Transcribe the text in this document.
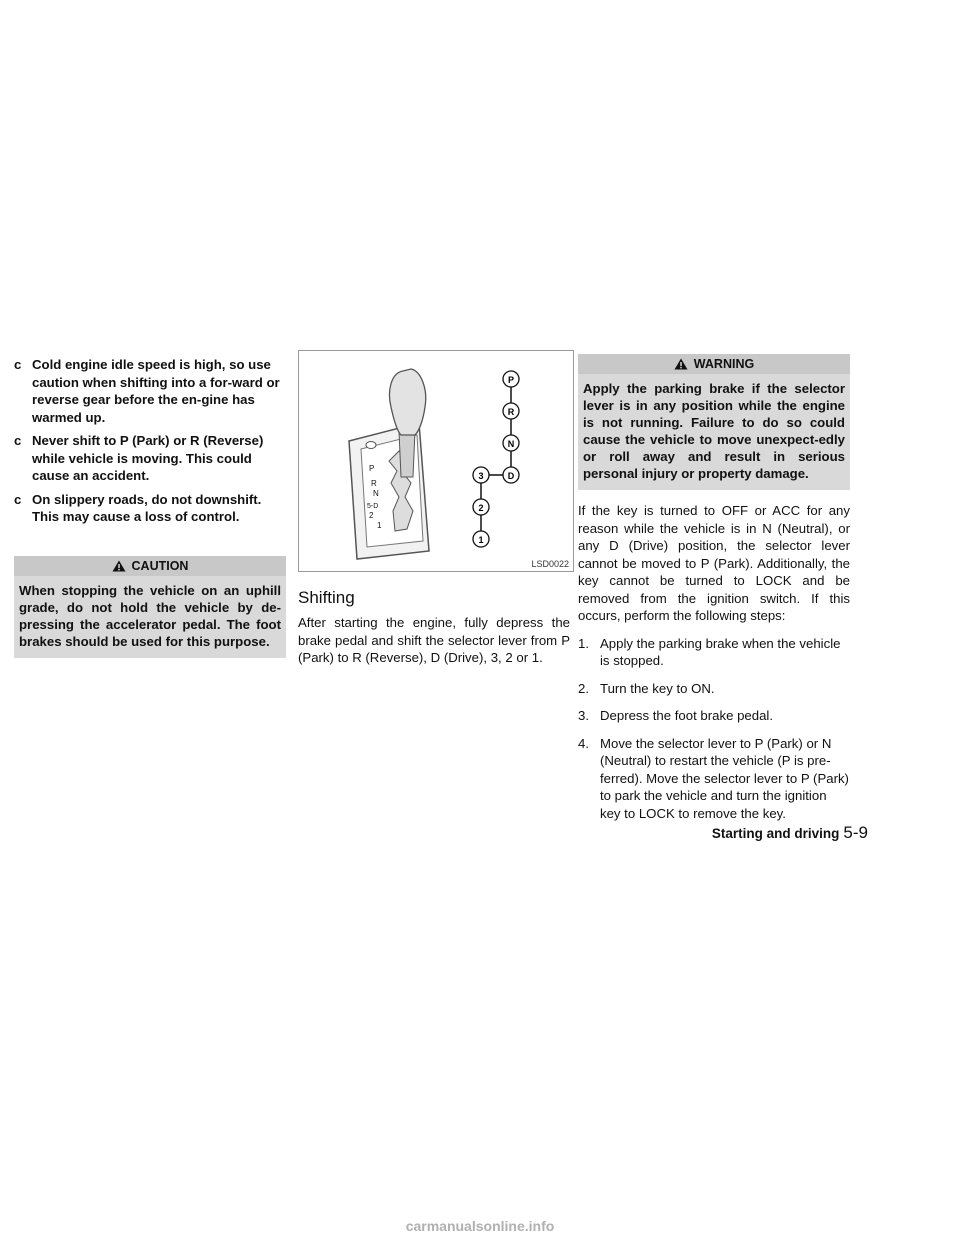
c Cold engine idle speed is high, so use caution when shifting into a for-ward or reverse gear before the en-gine has warmed up.
c Never shift to P (Park) or R (Reverse) while vehicle is moving. This could cause an accident.
c On slippery roads, do not downshift. This may cause a loss of control.
CAUTION
When stopping the vehicle on an uphill grade, do not hold the vehicle by de-pressing the accelerator pedal. The foot brakes should be used for this purpose.
P
R
N
5-D
2
1
P
R
N
D
3
2
1
LSD0022
Shifting

After starting the engine, fully depress the brake pedal and shift the selector lever from P (Park) to R (Reverse), D (Drive), 3, 2 or 1.

WARNING
Apply the parking brake if the selector lever is in any position while the engine is not running. Failure to do so could cause the vehicle to move unexpect-edly or roll away and result in serious personal injury or property damage.

If the key is turned to OFF or ACC for any reason while the vehicle is in N (Neutral), or any D (Drive) position, the selector lever cannot be moved to P (Park). Additionally, the key cannot be turned to LOCK and be removed from the ignition switch. If this occurs, perform the following steps:

1. Apply the parking brake when the vehicle is stopped.
2. Turn the key to ON.
3. Depress the foot brake pedal.
4. Move the selector lever to P (Park) or N (Neutral) to restart the vehicle (P is pre-ferred). Move the selector lever to P (Park) to park the vehicle and turn the ignition key to LOCK to remove the key.
Starting and driving 5-9
carmanualsonline.info
